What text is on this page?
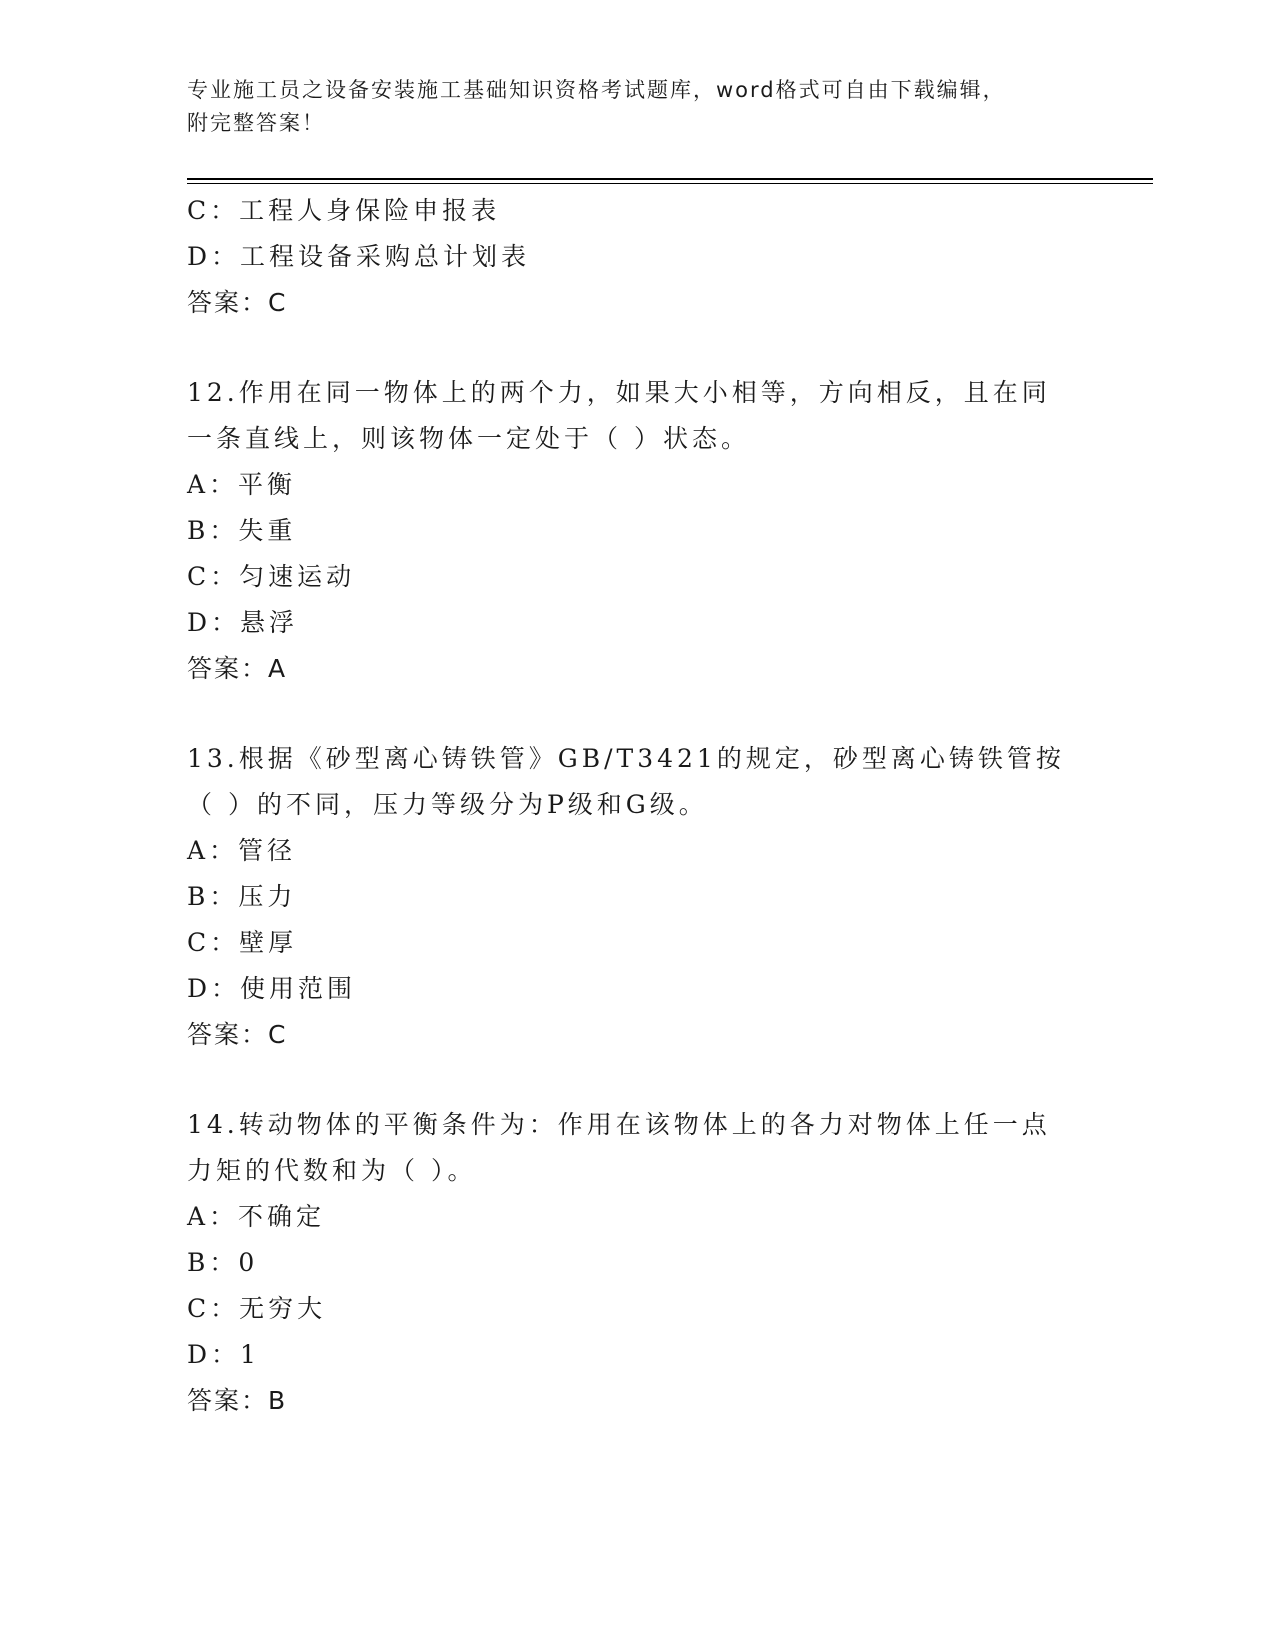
专业施工员之设备安装施工基础知识资格考试题库，word格式可自由下载编辑，
附完整答案！
C：工程人身保险申报表
D：工程设备采购总计划表
答案：C
12.作用在同一物体上的两个力，如果大小相等，方向相反，且在同一条直线上，则该物体一定处于（ ）状态。
A：平衡
B：失重
C：匀速运动
D：悬浮
答案：A
13.根据《砂型离心铸铁管》GB/T3421的规定，砂型离心铸铁管按（ ）的不同，压力等级分为P级和G级。
A：管径
B：压力
C：壁厚
D：使用范围
答案：C
14.转动物体的平衡条件为：作用在该物体上的各力对物体上任一点力矩的代数和为（ ）。
A：不确定
B：0
C：无穷大
D：1
答案：B
